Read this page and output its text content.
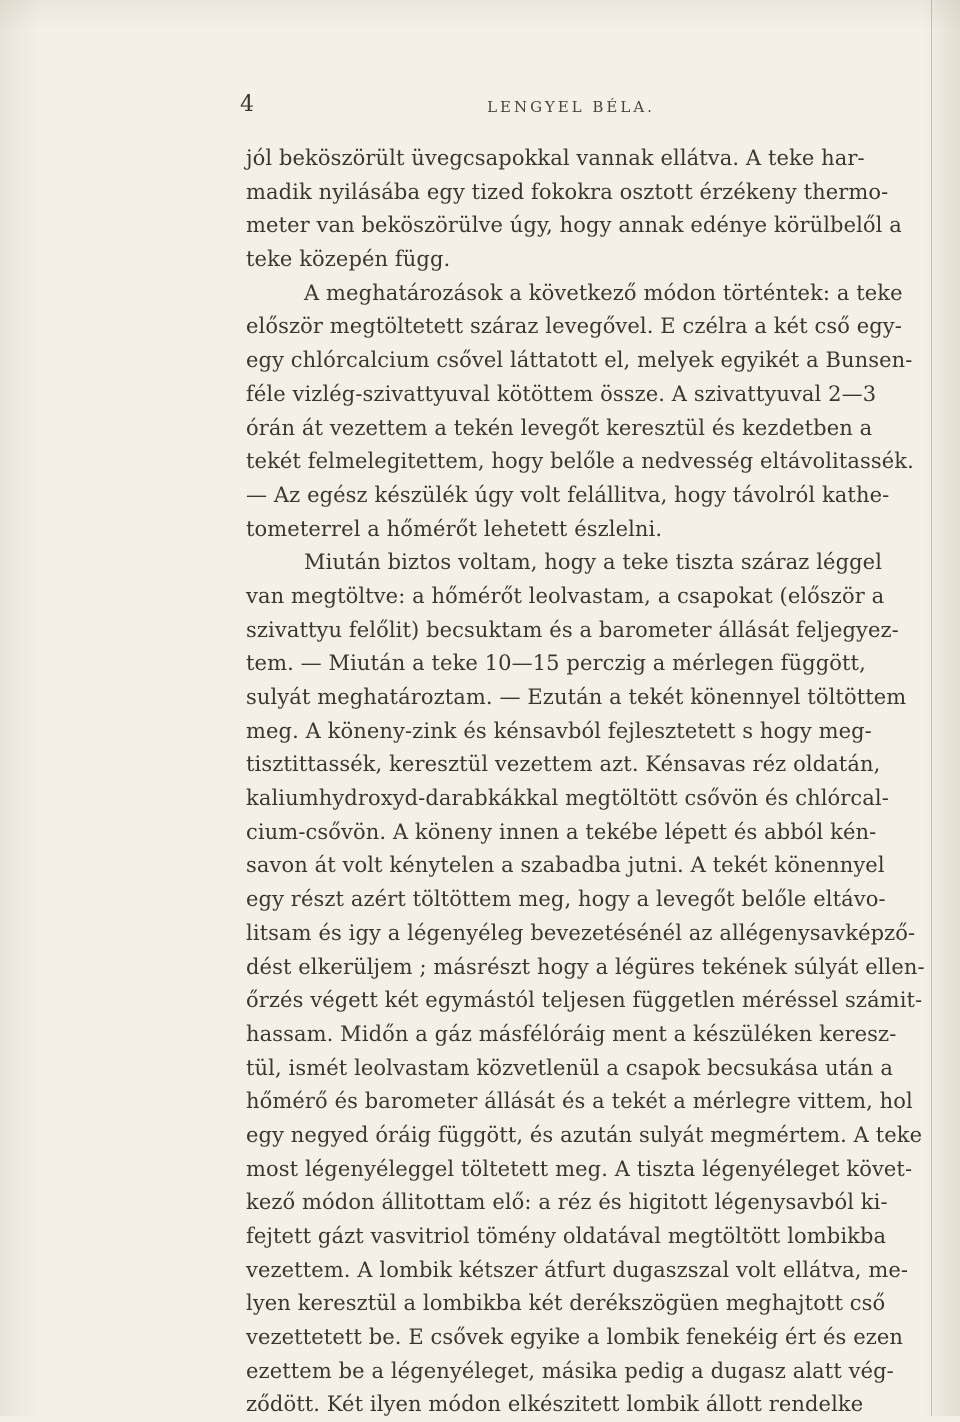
4	LENGYEL BÉLA.
jól beköszörült üvegcsapokkal vannak ellátva. A teke har-
madik nyilásába egy tized fokokra osztott érzékeny thermo-
meter van beköszörülve úgy, hogy annak edénye körülbelől a
teke közepén függ.
A meghatározások a következő módon történtek: a teke
először megtöltetett száraz levegővel. E czélra a két cső egy-
egy chlórcalcium csővel láttatott el, melyek egyikét a Bunsen-
féle vizlég-szivattyuval kötöttem össze. A szivattyuval 2—3
órán át vezettem a tekén levegőt keresztül és kezdetben a
tekét felmelegitettem, hogy belőle a nedvesség eltávolitassék.
— Az egész készülék úgy volt felállitva, hogy távolról kathe-
tometerrel a hőmérőt lehetett észlelni.
Miután biztos voltam, hogy a teke tiszta száraz léggel
van megtöltve: a hőmérőt leolvastam, a csapokat (először a
szivattyu felőlit) becsuktam és a barometer állását feljegyez-
tem. — Miután a teke 10—15 perczig a mérlegen függött,
sulyát meghatároztam. — Ezután a tekét könennyel töltöttem
meg. A köneny-zink és kénsavból fejlesztetett s hogy meg-
tisztittassék, keresztül vezettem azt. Kénsavas réz oldatán,
kaliumhydroxyd-darabkákkal megtöltött csővön és chlórcal-
cium-csővön. A köneny innen a tekébe lépett és abból kén-
savon át volt kénytelen a szabadba jutni. A tekét könennyel
egy részt azért töltöttem meg, hogy a levegőt belőle eltávo-
litsam és igy a légenyéleg bevezetésénél az allégenysavképző-
dést elkerüljem ; másrészt hogy a légüres tekének súlyát ellen-
őrzés végett két egymástól teljesen független méréssel számit-
hassam. Midőn a gáz másfélóráig ment a készüléken keresz-
tül, ismét leolvastam közvetlenül a csapok becsukása után a
hőmérő és barometer állását és a tekét a mérlegre vittem, hol
egy negyed óráig függött, és azután sulyát megmértem. A teke
most légenyéleggel töltetett meg. A tiszta légenyéleget követ-
kező módon állitottam elő: a réz és higitott légenysavból ki-
fejtett gázt vasvitriol tömény oldatával megtöltött lombikba
vezettem. A lombik kétszer átfurt dugaszszal volt ellátva, me-
lyen keresztül a lombikba két derékszögüen meghajtott cső
vezettetett be. E csővek egyike a lombik fenekéig ért és ezen
ezettem be a légenyéleget, másika pedig a dugasz alatt vég-
ződött. Két ilyen módon elkészitett lombik állott rendelke
